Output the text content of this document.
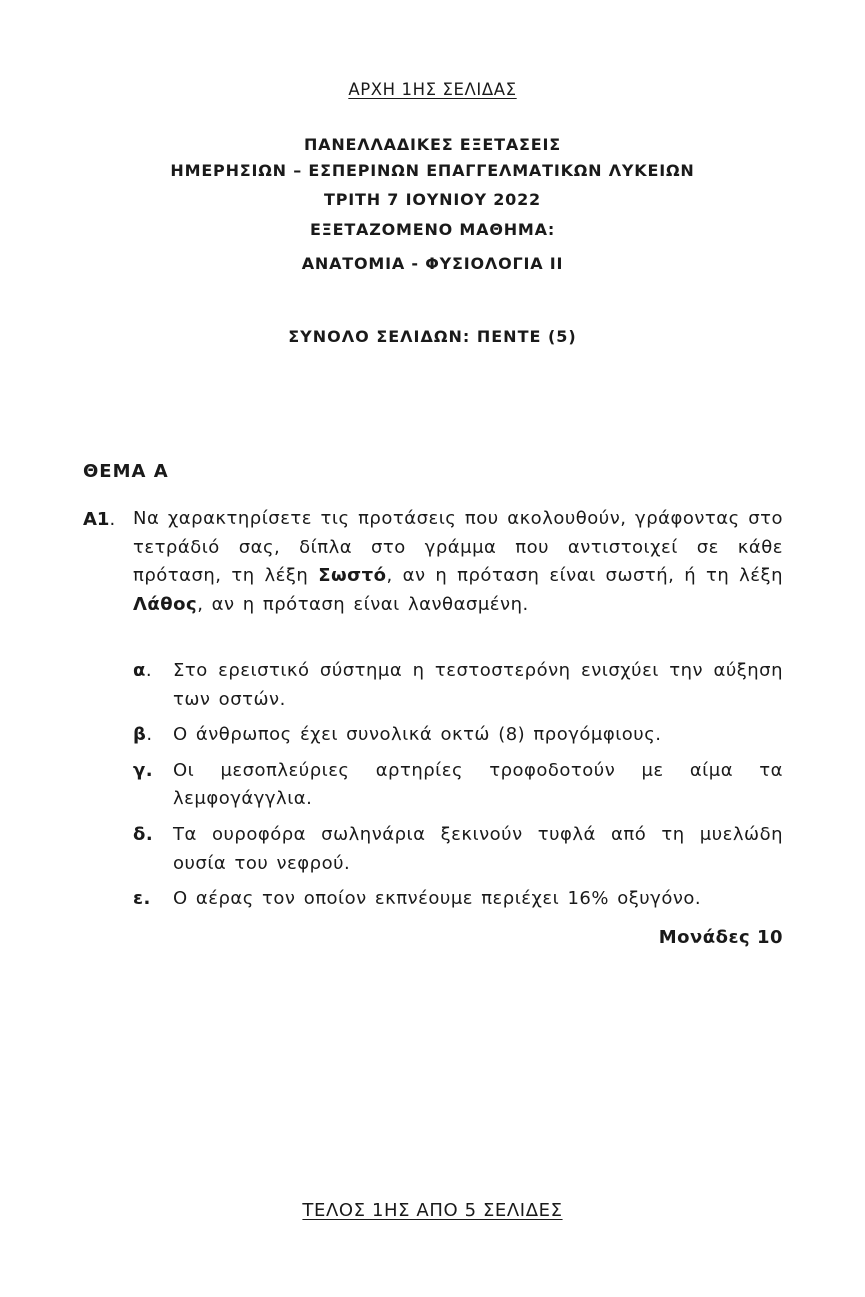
ΑΡΧΗ 1ΗΣ ΣΕΛΙΔΑΣ
ΠΑΝΕΛΛΑΔΙΚΕΣ ΕΞΕΤΑΣΕΙΣ
ΗΜΕΡΗΣΙΩΝ – ΕΣΠΕΡΙΝΩΝ ΕΠΑΓΓΕΛΜΑΤΙΚΩΝ ΛΥΚΕΙΩΝ
ΤΡΙΤΗ 7 ΙΟΥΝΙΟΥ 2022
ΕΞΕΤΑΖΟΜΕΝΟ ΜΑΘΗΜΑ:
ΑΝΑΤΟΜΙΑ - ΦΥΣΙΟΛΟΓΙΑ ΙΙ
ΣΥΝΟΛΟ ΣΕΛΙΔΩΝ: ΠΕΝΤΕ (5)
ΘΕΜΑ Α
Α1. Να χαρακτηρίσετε τις προτάσεις που ακολουθούν, γράφοντας στο τετράδιό σας, δίπλα στο γράμμα που αντιστοιχεί σε κάθε πρόταση, τη λέξη Σωστό, αν η πρόταση είναι σωστή, ή τη λέξη Λάθος, αν η πρόταση είναι λανθασμένη.
α.	Στο ερειστικό σύστημα η τεστοστερόνη ενισχύει την αύξηση των οστών.
β.	Ο άνθρωπος έχει συνολικά οκτώ (8) προγόμφιους.
γ.	Οι μεσοπλεύριες αρτηρίες τροφοδοτούν με αίμα τα λεμφογάγγλια.
δ.	Τα ουροφόρα σωληνάρια ξεκινούν τυφλά από τη μυελώδη ουσία του νεφρού.
ε.	Ο αέρας τον οποίον εκπνέουμε περιέχει 16% οξυγόνο.
Μονάδες 10
ΤΕΛΟΣ 1ΗΣ ΑΠΟ 5 ΣΕΛΙΔΕΣ
